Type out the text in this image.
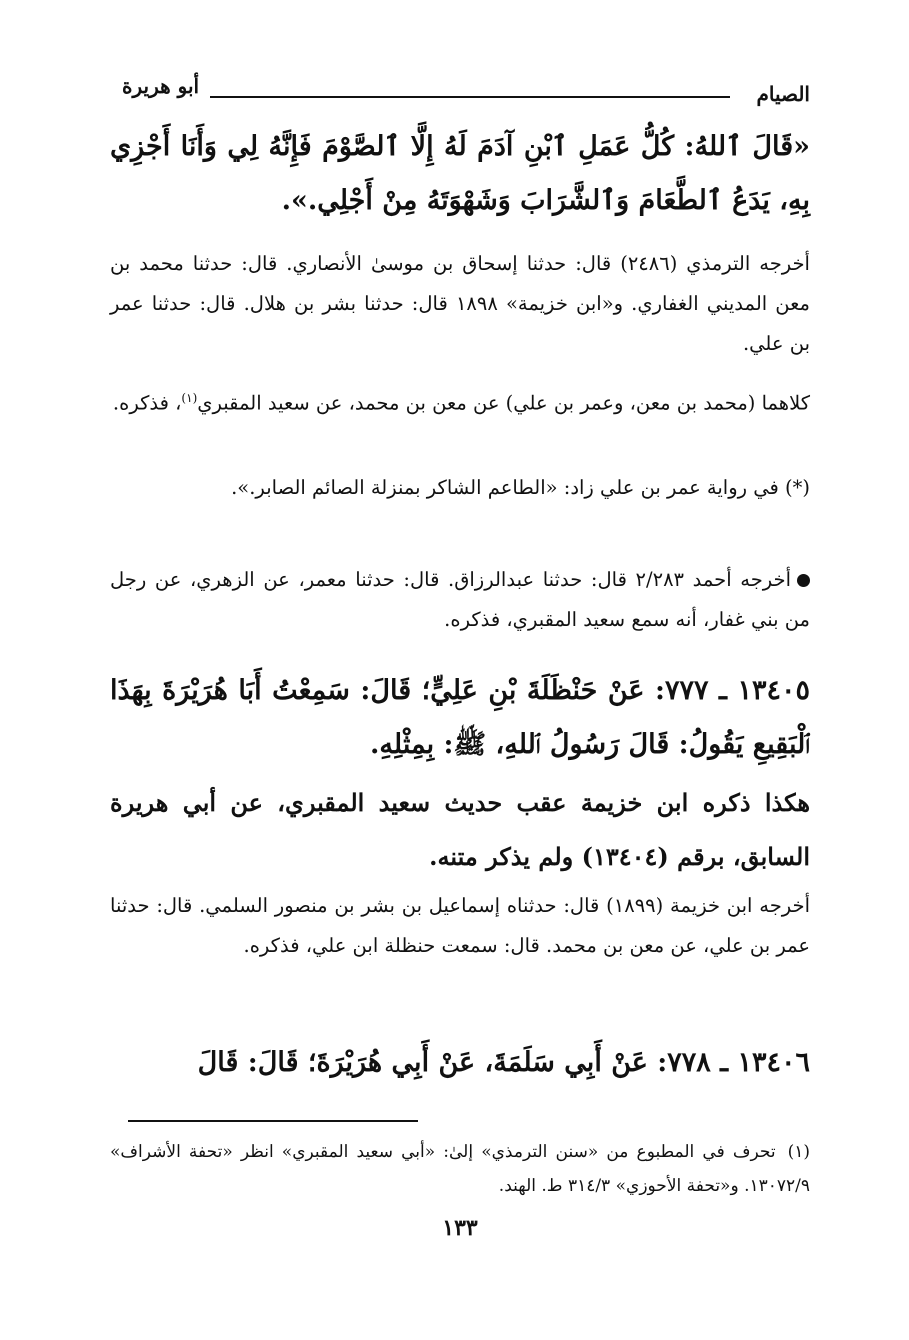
الصيام
أبو هريرة
«قَالَ ٱللهُ: كُلُّ عَمَلِ ٱبْنِ آدَمَ لَهُ إِلَّا ٱلصَّوْمَ فَإِنَّهُ لِي وَأَنَا أَجْزِي بِهِ، يَدَعُ ٱلطَّعَامَ وَٱلشَّرَابَ وَشَهْوَتَهُ مِنْ أَجْلِي.».
أخرجه الترمذي (٢٤٨٦) قال: حدثنا إسحاق بن موسىٰ الأنصاري. قال: حدثنا محمد بن معن المديني الغفاري. و«ابن خزيمة» ١٨٩٨ قال: حدثنا بشر بن هلال. قال: حدثنا عمر بن علي.
كلاهما (محمد بن معن، وعمر بن علي) عن معن بن محمد، عن سعيد المقبري$^{(١)}$، فذكره.
(*) في رواية عمر بن علي زاد: «الطاعم الشاكر بمنزلة الصائم الصابر.».
أخرجه أحمد ٢/٢٨٣ قال: حدثنا عبدالرزاق. قال: حدثنا معمر، عن الزهري، عن رجل من بني غفار، أنه سمع سعيد المقبري، فذكره.
١٣٤٠٥ ـ ٧٧٧: عَنْ حَنْظَلَةَ بْنِ عَلِيٍّ؛ قَالَ: سَمِعْتُ أَبَا هُرَيْرَةَ بِهَذَا ٱلْبَقِيعِ يَقُولُ: قَالَ رَسُولُ ٱللهِ، ﷺ: بِمِثْلِهِ.
هكذا ذكره ابن خزيمة عقب حديث سعيد المقبري، عن أبي هريرة السابق، برقم (١٣٤٠٤) ولم يذكر متنه.
أخرجه ابن خزيمة (١٨٩٩) قال: حدثناه إسماعيل بن بشر بن منصور السلمي. قال: حدثنا عمر بن علي، عن معن بن محمد. قال: سمعت حنظلة ابن علي، فذكره.
١٣٤٠٦ ـ ٧٧٨: عَنْ أَبِي سَلَمَةَ، عَنْ أَبِي هُرَيْرَةَ؛ قَالَ: قَالَ
(١)تحرف في المطبوع من «سنن الترمذي» إلىٰ: «أبي سعيد المقبري» انظر «تحفة الأشراف» ١٣٠٧٢/٩. و«تحفة الأحوزي» ٣١٤/٣ ط. الهند.
١٣٣
